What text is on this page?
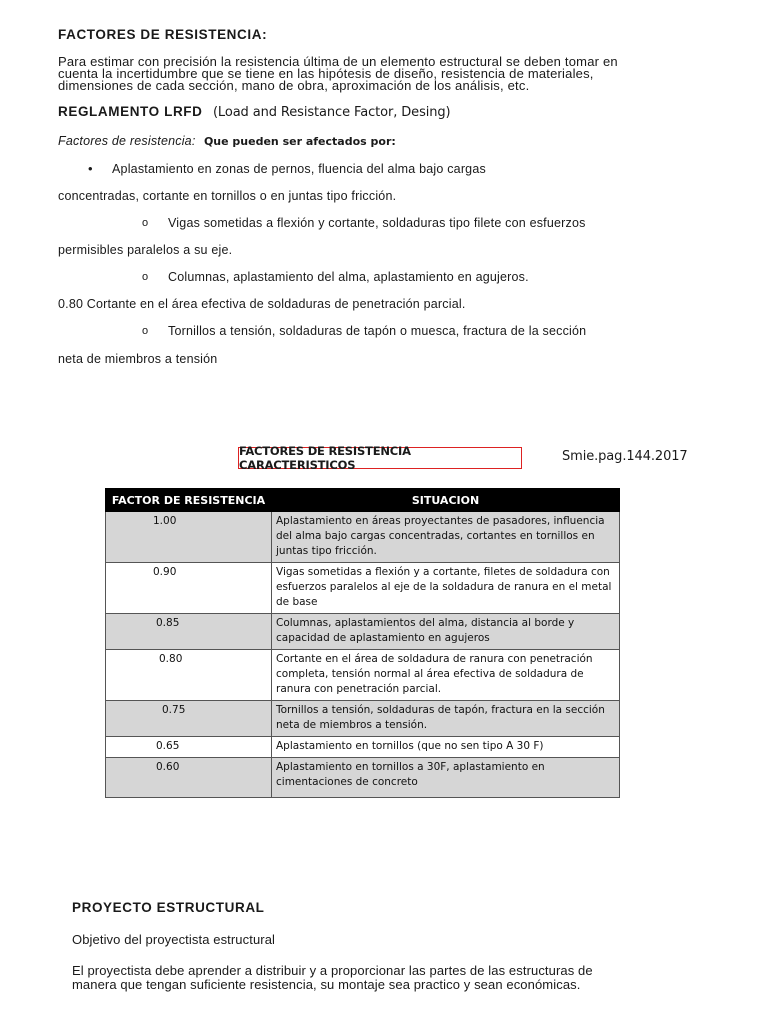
FACTORES DE RESISTENCIA:
Para estimar con precisión la resistencia última de un elemento estructural se deben tomar en
cuenta la incertidumbre que se tiene en las hipótesis de diseño, resistencia de materiales,
dimensiones de cada sección, mano de obra, aproximación de los análisis, etc.
REGLAMENTO LRFD (Load and Resistance Factor, Desing)
Factores de resistencia: Que pueden ser afectados por:
• Aplastamiento en zonas de pernos, fluencia del alma bajo cargas
concentradas, cortante en tornillos o en juntas tipo fricción.
o Vigas sometidas a flexión y cortante, soldaduras tipo filete con esfuerzos
permisibles paralelos a su eje.
o Columnas, aplastamiento del alma, aplastamiento en agujeros.
0.80 Cortante en el área efectiva de soldaduras de penetración parcial.
o Tornillos a tensión, soldaduras de tapón o muesca, fractura de la sección
neta de miembros a tensión
FACTORES DE RESISTENCIA CARACTERISTICOS
Smie.pag.144.2017
FACTOR DE RESISTENCIA	SITUACION
1.00	Aplastamiento en áreas proyectantes de pasadores, influencia del alma bajo cargas concentradas, cortantes en tornillos en juntas tipo fricción.
0.90	Vigas sometidas a flexión y a cortante, filetes de soldadura con esfuerzos paralelos al eje de la soldadura de ranura en el metal de base
0.85	Columnas, aplastamientos del alma, distancia al borde y capacidad de aplastamiento en agujeros
0.80	Cortante en el área de soldadura de ranura con penetración completa, tensión normal al área efectiva de soldadura de ranura con penetración parcial.
0.75	Tornillos a tensión, soldaduras de tapón, fractura en la sección neta de miembros a tensión.
0.65	Aplastamiento en tornillos (que no sen tipo A 30 F)
0.60	Aplastamiento en tornillos a 30F, aplastamiento en cimentaciones de concreto
PROYECTO ESTRUCTURAL
Objetivo del proyectista estructural
El proyectista debe aprender a distribuir y a proporcionar las partes de las estructuras de
manera que tengan suficiente resistencia, su montaje sea practico y sean económicas.
